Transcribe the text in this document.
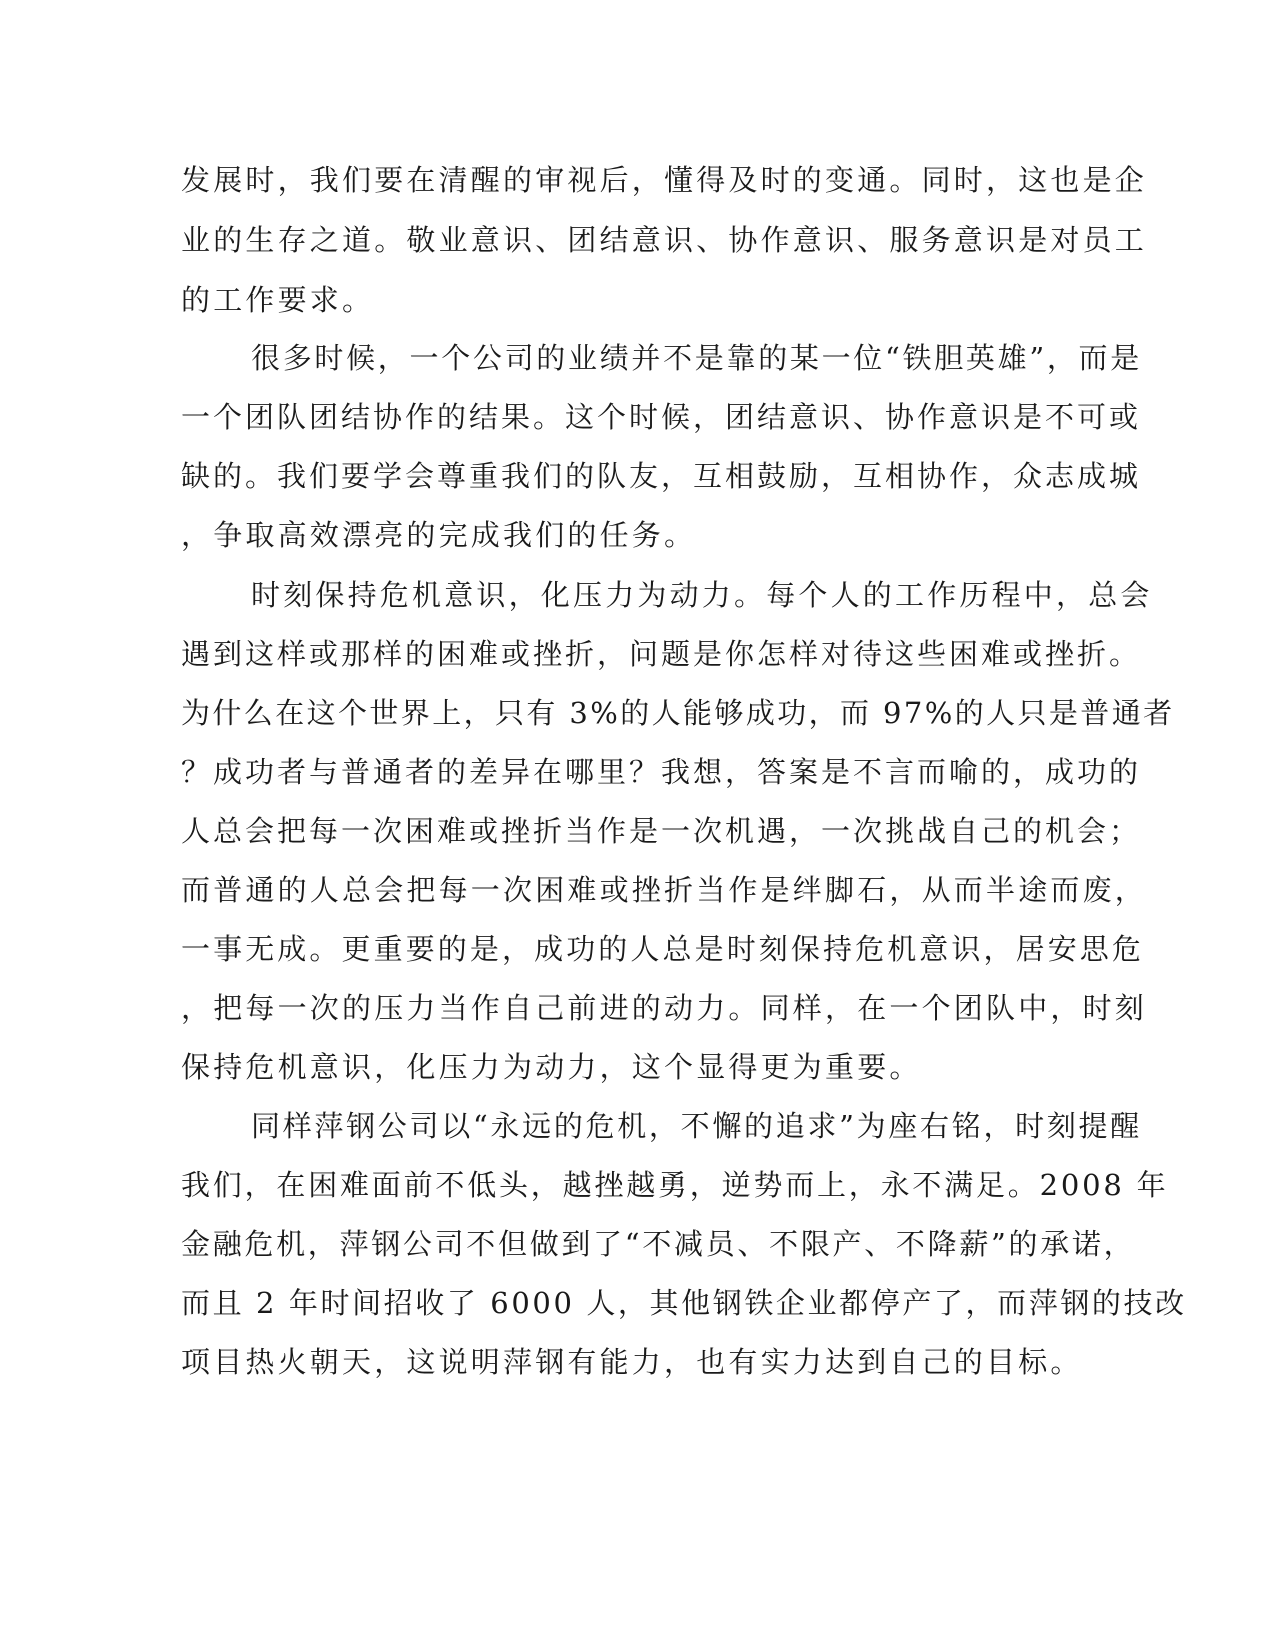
发展时，我们要在清醒的审视后，懂得及时的变通。同时，这也是企
业的生存之道。敬业意识、团结意识、协作意识、服务意识是对员工
的工作要求。
很多时候，一个公司的业绩并不是靠的某一位“铁胆英雄”，而是
一个团队团结协作的结果。这个时候，团结意识、协作意识是不可或
缺的。我们要学会尊重我们的队友，互相鼓励，互相协作，众志成城
，争取高效漂亮的完成我们的任务。
时刻保持危机意识，化压力为动力。每个人的工作历程中，总会
遇到这样或那样的困难或挫折，问题是你怎样对待这些困难或挫折。
为什么在这个世界上，只有 3%的人能够成功，而 97%的人只是普通者
？成功者与普通者的差异在哪里？我想，答案是不言而喻的，成功的
人总会把每一次困难或挫折当作是一次机遇，一次挑战自己的机会；
而普通的人总会把每一次困难或挫折当作是绊脚石，从而半途而废，
一事无成。更重要的是，成功的人总是时刻保持危机意识，居安思危
，把每一次的压力当作自己前进的动力。同样，在一个团队中，时刻
保持危机意识，化压力为动力，这个显得更为重要。
同样萍钢公司以“永远的危机，不懈的追求”为座右铭，时刻提醒
我们，在困难面前不低头，越挫越勇，逆势而上，永不满足。2008 年
金融危机，萍钢公司不但做到了“不减员、不限产、不降薪”的承诺，
而且 2 年时间招收了 6000 人，其他钢铁企业都停产了，而萍钢的技改
项目热火朝天，这说明萍钢有能力，也有实力达到自己的目标。
